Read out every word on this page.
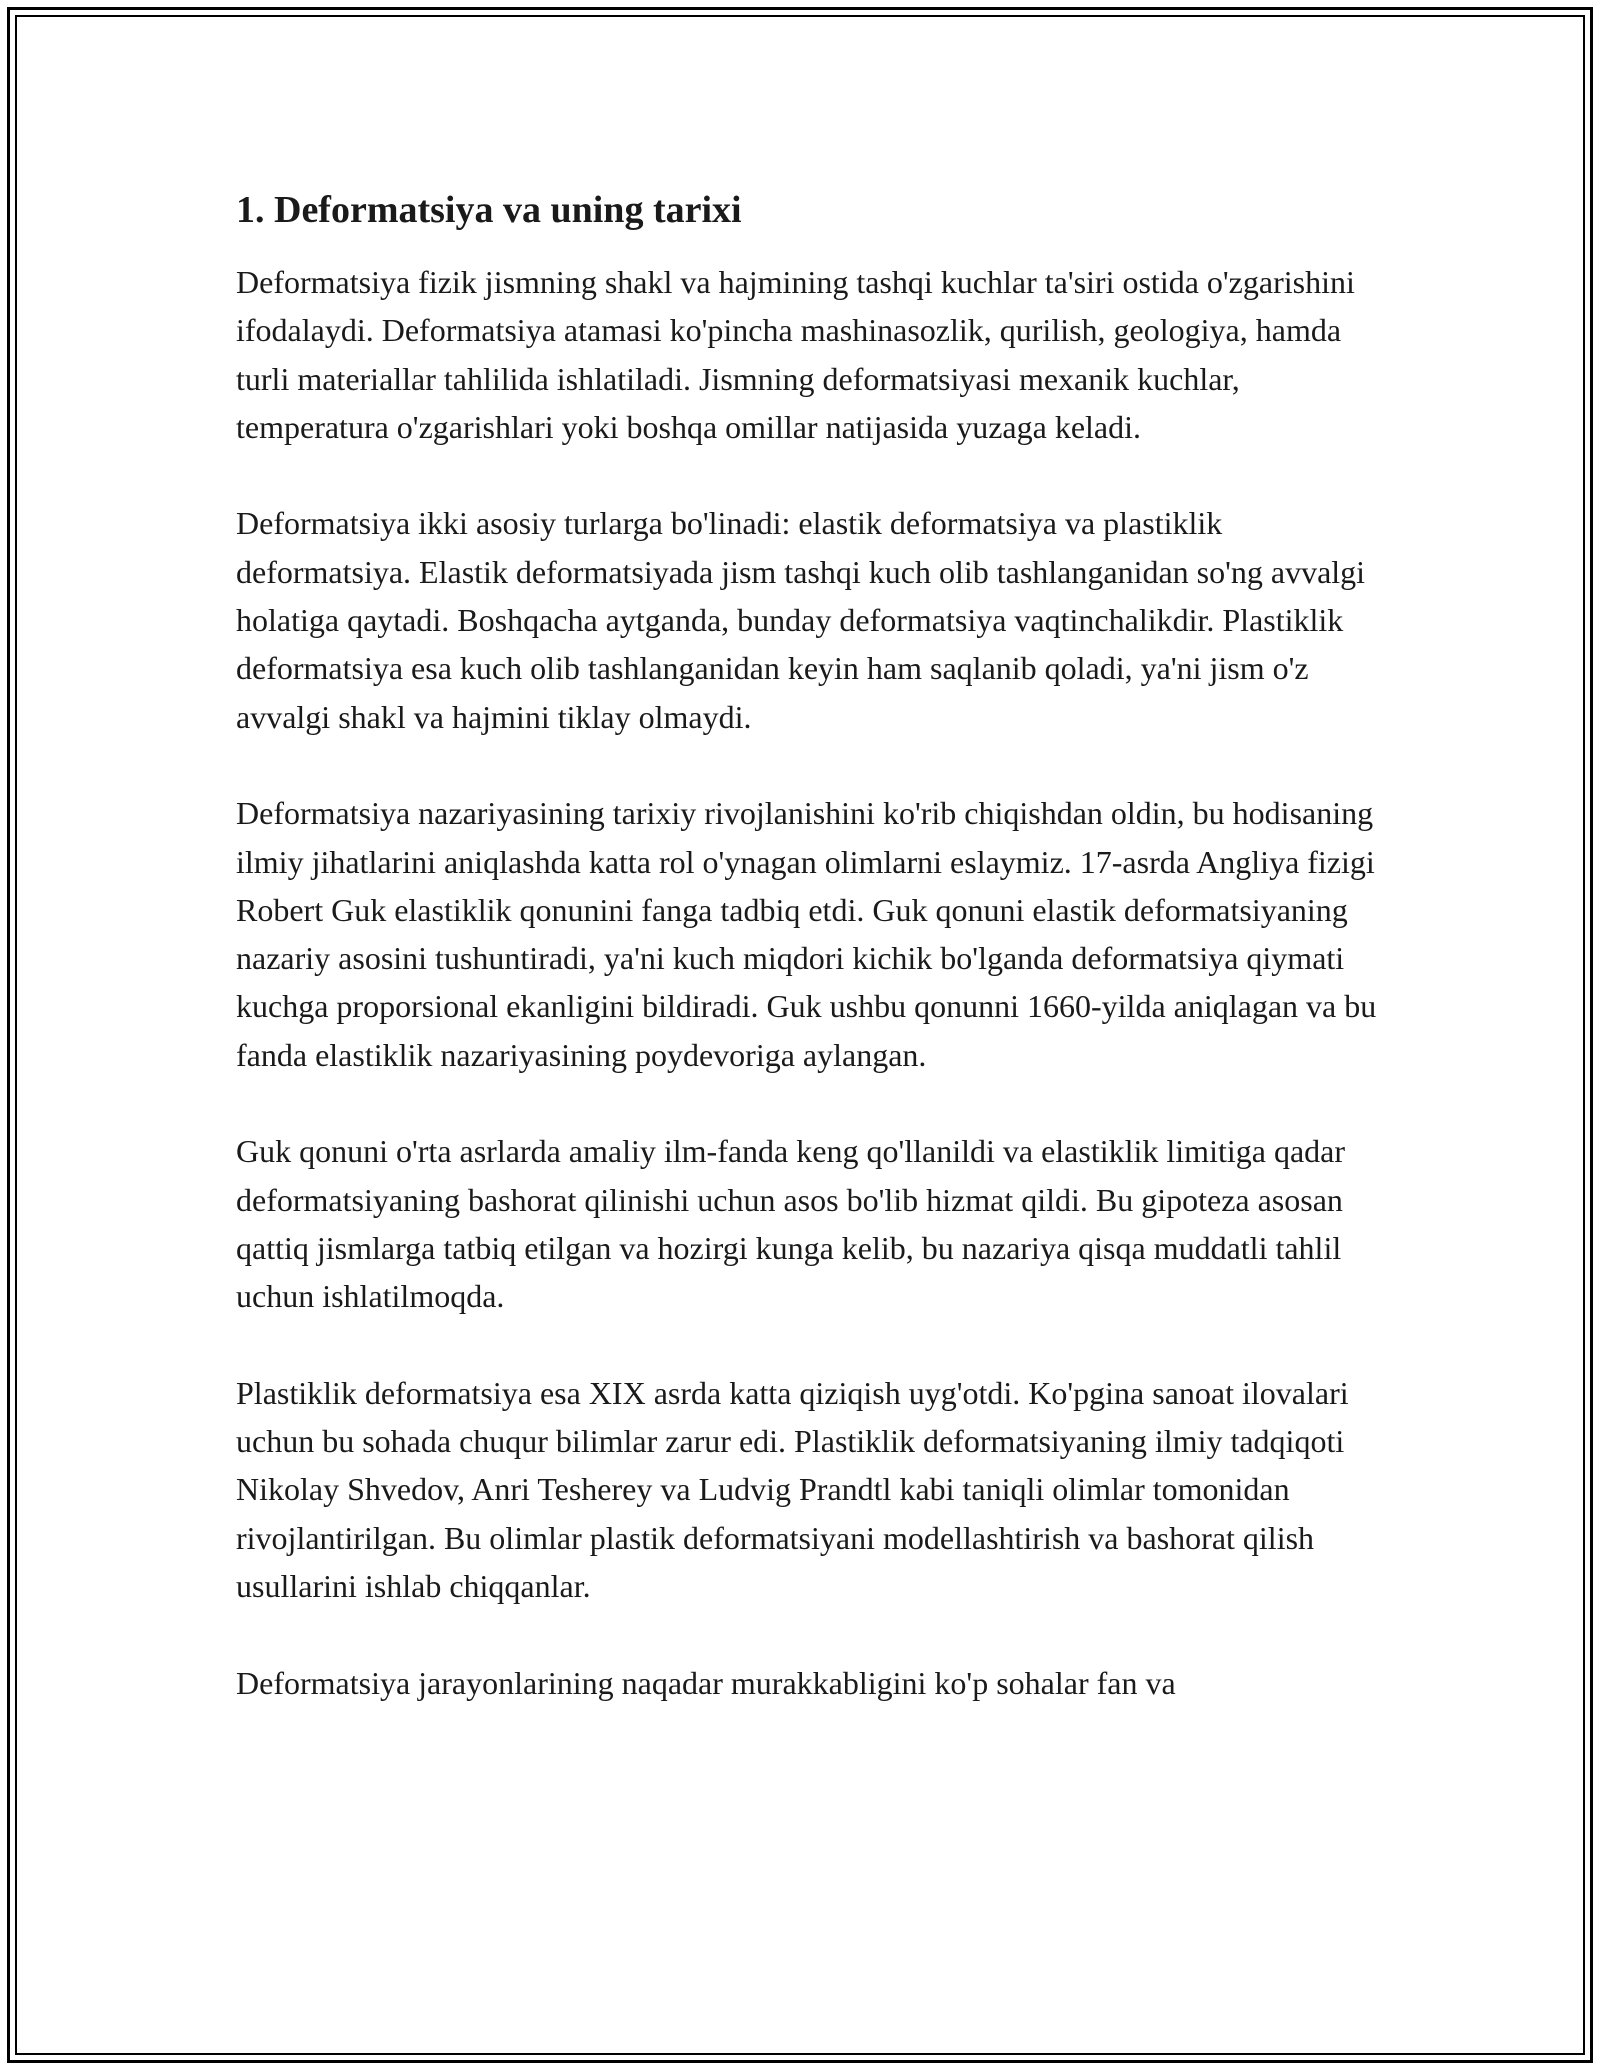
1. Deformatsiya va uning tarixi

Deformatsiya fizik jismning shakl va hajmining tashqi kuchlar ta'siri ostida o'zgarishini ifodalaydi. Deformatsiya atamasi ko'pincha mashinasozlik, qurilish, geologiya, hamda turli materiallar tahlilida ishlatiladi. Jismning deformatsiyasi mexanik kuchlar, temperatura o'zgarishlari yoki boshqa omillar natijasida yuzaga keladi.

Deformatsiya ikki asosiy turlarga bo'linadi: elastik deformatsiya va plastiklik deformatsiya. Elastik deformatsiyada jism tashqi kuch olib tashlanganidan so'ng avvalgi holatiga qaytadi. Boshqacha aytganda, bunday deformatsiya vaqtinchalikdir. Plastiklik deformatsiya esa kuch olib tashlanganidan keyin ham saqlanib qoladi, ya'ni jism o'z avvalgi shakl va hajmini tiklay olmaydi.

Deformatsiya nazariyasining tarixiy rivojlanishini ko'rib chiqishdan oldin, bu hodisaning ilmiy jihatlarini aniqlashda katta rol o'ynagan olimlarni eslaymiz. 17-asrda Angliya fizigi Robert Guk elastiklik qonunini fanga tadbiq etdi. Guk qonuni elastik deformatsiyaning nazariy asosini tushuntiradi, ya'ni kuch miqdori kichik bo'lganda deformatsiya qiymati kuchga proporsional ekanligini bildiradi. Guk ushbu qonunni 1660-yilda aniqlagan va bu fanda elastiklik nazariyasining poydevoriga aylangan.

Guk qonuni o'rta asrlarda amaliy ilm-fanda keng qo'llanildi va elastiklik limitiga qadar deformatsiyaning bashorat qilinishi uchun asos bo'lib hizmat qildi. Bu gipoteza asosan qattiq jismlarga tatbiq etilgan va hozirgi kunga kelib, bu nazariya qisqa muddatli tahlil uchun ishlatilmoqda.

Plastiklik deformatsiya esa XIX asrda katta qiziqish uyg'otdi. Ko'pgina sanoat ilovalari uchun bu sohada chuqur bilimlar zarur edi. Plastiklik deformatsiyaning ilmiy tadqiqoti Nikolay Shvedov, Anri Tesherey va Ludvig Prandtl kabi taniqli olimlar tomonidan rivojlantirilgan. Bu olimlar plastik deformatsiyani modellashtirish va bashorat qilish usullarini ishlab chiqqanlar.

Deformatsiya jarayonlarining naqadar murakkabligini ko'p sohalar fan va
